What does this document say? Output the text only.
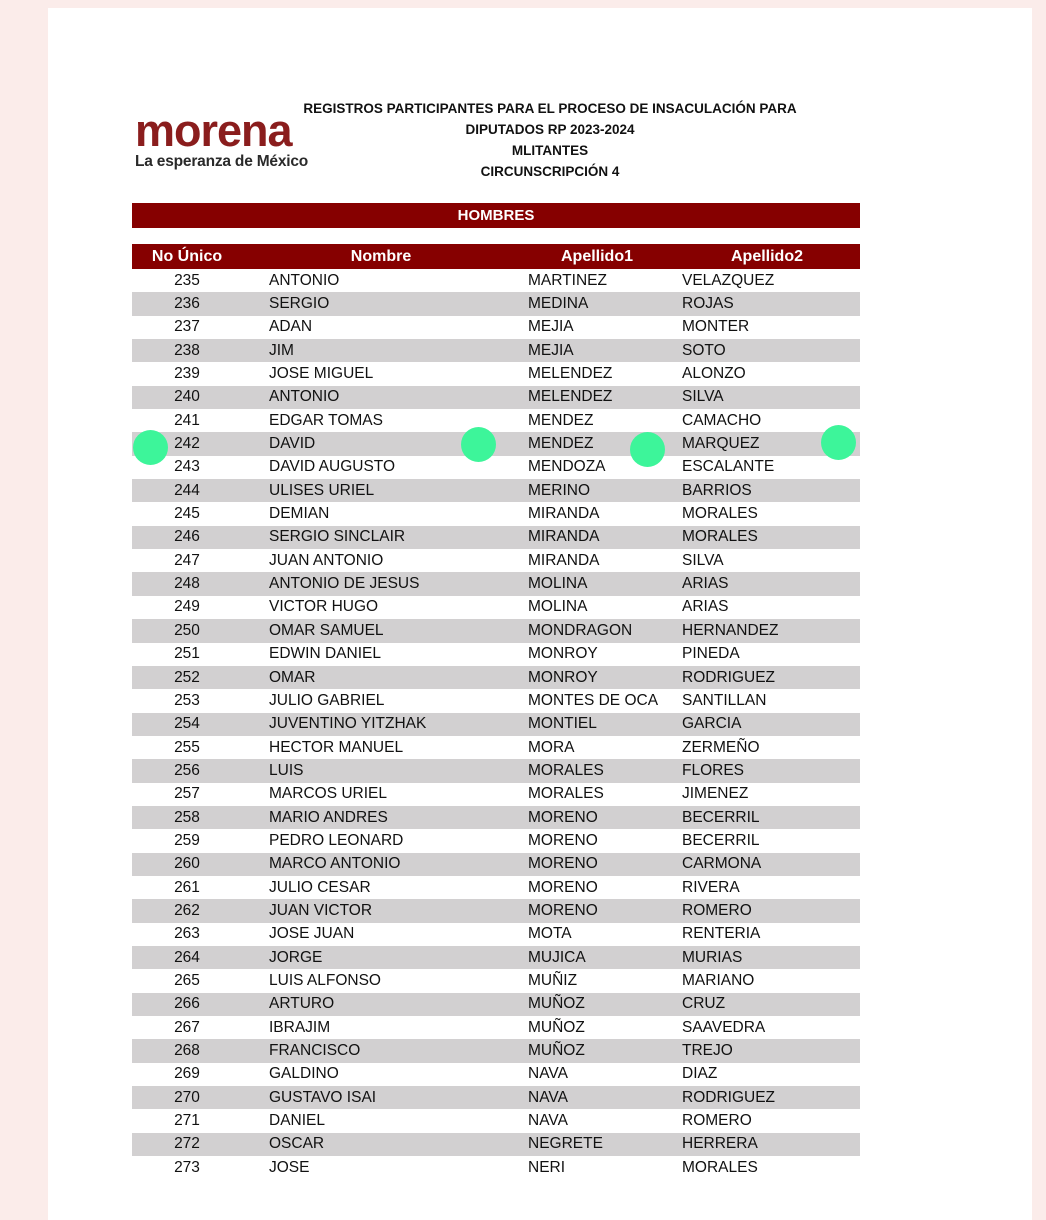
morena
La esperanza de México
REGISTROS PARTICIPANTES PARA EL PROCESO DE INSACULACIÓN PARA
DIPUTADOS RP 2023-2024
MLITANTES
CIRCUNSCRIPCIÓN 4
HOMBRES
No Único	Nombre	Apellido1	Apellido2
235	ANTONIO	MARTINEZ	VELAZQUEZ
236	SERGIO	MEDINA	ROJAS
237	ADAN	MEJIA	MONTER
238	JIM	MEJIA	SOTO
239	JOSE MIGUEL	MELENDEZ	ALONZO
240	ANTONIO	MELENDEZ	SILVA
241	EDGAR TOMAS	MENDEZ	CAMACHO
242	DAVID	MENDEZ	MARQUEZ
243	DAVID AUGUSTO	MENDOZA	ESCALANTE
244	ULISES URIEL	MERINO	BARRIOS
245	DEMIAN	MIRANDA	MORALES
246	SERGIO SINCLAIR	MIRANDA	MORALES
247	JUAN ANTONIO	MIRANDA	SILVA
248	ANTONIO DE JESUS	MOLINA	ARIAS
249	VICTOR HUGO	MOLINA	ARIAS
250	OMAR SAMUEL	MONDRAGON	HERNANDEZ
251	EDWIN DANIEL	MONROY	PINEDA
252	OMAR	MONROY	RODRIGUEZ
253	JULIO GABRIEL	MONTES DE OCA	SANTILLAN
254	JUVENTINO YITZHAK	MONTIEL	GARCIA
255	HECTOR MANUEL	MORA	ZERMEÑO
256	LUIS	MORALES	FLORES
257	MARCOS URIEL	MORALES	JIMENEZ
258	MARIO ANDRES	MORENO	BECERRIL
259	PEDRO LEONARD	MORENO	BECERRIL
260	MARCO ANTONIO	MORENO	CARMONA
261	JULIO CESAR	MORENO	RIVERA
262	JUAN VICTOR	MORENO	ROMERO
263	JOSE JUAN	MOTA	RENTERIA
264	JORGE	MUJICA	MURIAS
265	LUIS ALFONSO	MUÑIZ	MARIANO
266	ARTURO	MUÑOZ	CRUZ
267	IBRAJIM	MUÑOZ	SAAVEDRA
268	FRANCISCO	MUÑOZ	TREJO
269	GALDINO	NAVA	DIAZ
270	GUSTAVO ISAI	NAVA	RODRIGUEZ
271	DANIEL	NAVA	ROMERO
272	OSCAR	NEGRETE	HERRERA
273	JOSE	NERI	MORALES
